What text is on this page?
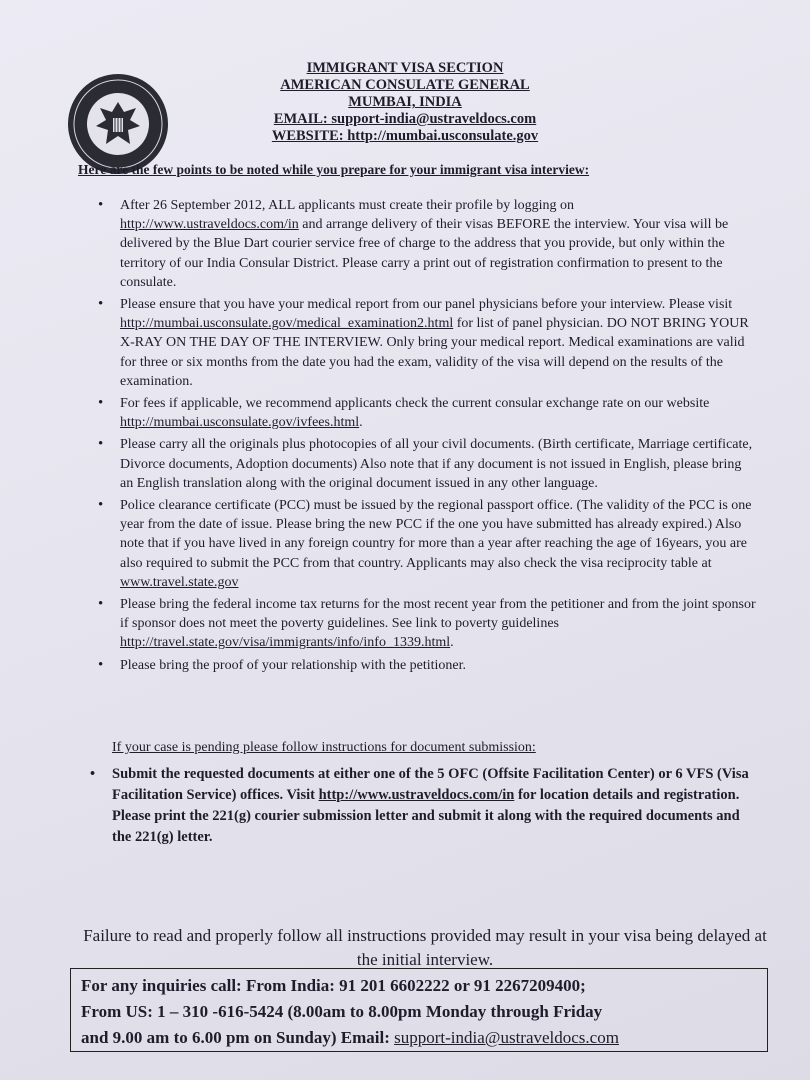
IMMIGRANT VISA SECTION
AMERICAN CONSULATE GENERAL
MUMBAI, INDIA
EMAIL: support-india@ustraveldocs.com
WEBSITE: http://mumbai.usconsulate.gov
Here are the few points to be noted while you prepare for your immigrant visa interview:
• After 26 September 2012, ALL applicants must create their profile by logging on
http://www.ustraveldocs.com/in and arrange delivery of their visas BEFORE the interview. Your visa will be delivered by the Blue Dart courier service free of charge to the address that you provide, but only within the territory of our India Consular District. Please carry a print out of registration confirmation to present to the consulate.
• Please ensure that you have your medical report from our panel physicians before your interview. Please visit http://mumbai.usconsulate.gov/medical_examination2.html for list of panel physician. DO NOT BRING YOUR X-RAY ON THE DAY OF THE INTERVIEW. Only bring your medical report. Medical examinations are valid for three or six months from the date you had the exam, validity of the visa will depend on the results of the examination.
• For fees if applicable, we recommend applicants check the current consular exchange rate on our website http://mumbai.usconsulate.gov/ivfees.html.
• Please carry all the originals plus photocopies of all your civil documents. (Birth certificate, Marriage certificate, Divorce documents, Adoption documents) Also note that if any document is not issued in English, please bring an English translation along with the original document issued in any other language.
• Police clearance certificate (PCC) must be issued by the regional passport office. (The validity of the PCC is one year from the date of issue. Please bring the new PCC if the one you have submitted has already expired.) Also note that if you have lived in any foreign country for more than a year after reaching the age of 16years, you are also required to submit the PCC from that country. Applicants may also check the visa reciprocity table at www.travel.state.gov
• Please bring the federal income tax returns for the most recent year from the petitioner and from the joint sponsor if sponsor does not meet the poverty guidelines. See link to poverty guidelines http://travel.state.gov/visa/immigrants/info/info_1339.html.
• Please bring the proof of your relationship with the petitioner.
If your case is pending please follow instructions for document submission:
• Submit the requested documents at either one of the 5 OFC (Offsite Facilitation Center) or 6 VFS (Visa Facilitation Service) offices. Visit http://www.ustraveldocs.com/in for location details and registration. Please print the 221(g) courier submission letter and submit it along with the required documents and the 221(g) letter.
Failure to read and properly follow all instructions provided may result in your visa being delayed at the initial interview.
For any inquiries call: From India: 91 201 6602222 or 91 2267209400;
From US: 1 – 310 -616-5424 (8.00am to 8.00pm Monday through Friday
and 9.00 am to 6.00 pm on Sunday) Email: support-india@ustraveldocs.com
